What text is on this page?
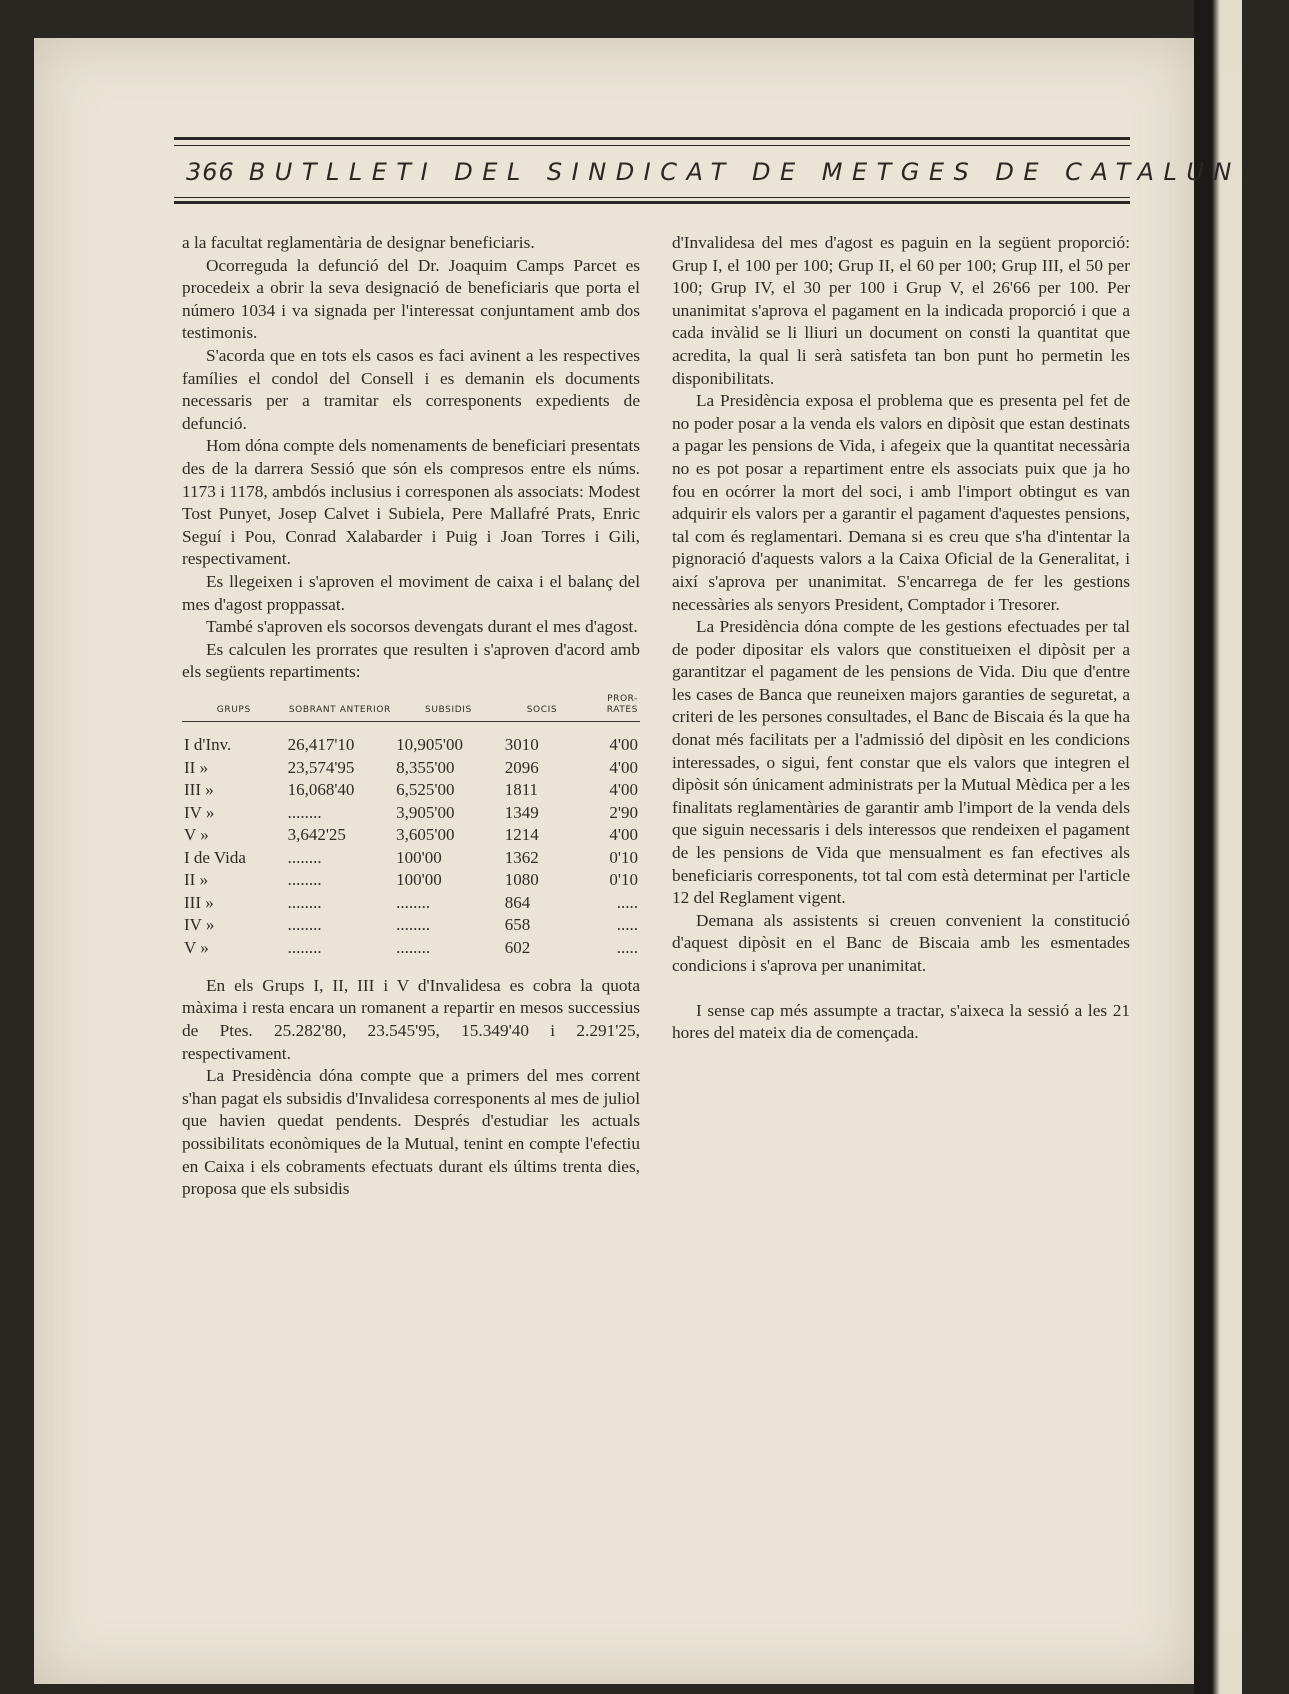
366 BUTLLETI DEL SINDICAT DE METGES DE CATALUNYA

a la facultat reglamentària de designar beneficiaris.

Ocorreguda la defunció del Dr. Joaquim Camps Parcet es procedeix a obrir la seva designació de beneficiaris que porta el número 1034 i va signada per l'interessat conjuntament amb dos testimonis.

S'acorda que en tots els casos es faci avinent a les respectives famílies el condol del Consell i es demanin els documents necessaris per a tramitar els corresponents expedients de defunció.

Hom dóna compte dels nomenaments de beneficiari presentats des de la darrera Sessió que són els compresos entre els núms. 1173 i 1178, ambdós inclusius i corresponen als associats: Modest Tost Punyet, Josep Calvet i Subiela, Pere Mallafré Prats, Enric Seguí i Pou, Conrad Xalabarder i Puig i Joan Torres i Gili, respectivament.

Es llegeixen i s'aproven el moviment de caixa i el balanç del mes d'agost proppassat.

També s'aproven els socorsos devengats durant el mes d'agost.

Es calculen les prorrates que resulten i s'aproven d'acord amb els següents repartiments:

GRUPS	SOBRANT ANTERIOR	SUBSIDIS	SOCIS	PROR-RATES
I d'Inv.	26,417'10	10,905'00	3010	4'00
II »	23,574'95	8,355'00	2096	4'00
III »	16,068'40	6,525'00	1811	4'00
IV »	........	3,905'00	1349	2'90
V »	3,642'25	3,605'00	1214	4'00
I de Vida	........	100'00	1362	0'10
II »	........	100'00	1080	0'10
III »	........	........	864	.....
IV »	........	........	658	.....
V »	........	........	602	.....

En els Grups I, II, III i V d'Invalidesa es cobra la quota màxima i resta encara un romanent a repartir en mesos successius de Ptes. 25.282'80, 23.545'95, 15.349'40 i 2.291'25, respectivament.

La Presidència dóna compte que a primers del mes corrent s'han pagat els subsidis d'Invalidesa corresponents al mes de juliol que havien quedat pendents. Després d'estudiar les actuals possibilitats econòmiques de la Mutual, tenint en compte l'efectiu en Caixa i els cobraments efectuats durant els últims trenta dies, proposa que els subsidis

d'Invalidesa del mes d'agost es paguin en la següent proporció: Grup I, el 100 per 100; Grup II, el 60 per 100; Grup III, el 50 per 100; Grup IV, el 30 per 100 i Grup V, el 26'66 per 100. Per unanimitat s'aprova el pagament en la indicada proporció i que a cada invàlid se li lliuri un document on consti la quantitat que acredita, la qual li serà satisfeta tan bon punt ho permetin les disponibilitats.

La Presidència exposa el problema que es presenta pel fet de no poder posar a la venda els valors en dipòsit que estan destinats a pagar les pensions de Vida, i afegeix que la quantitat necessària no es pot posar a repartiment entre els associats puix que ja ho fou en ocórrer la mort del soci, i amb l'import obtingut es van adquirir els valors per a garantir el pagament d'aquestes pensions, tal com és reglamentari. Demana si es creu que s'ha d'intentar la pignoració d'aquests valors a la Caixa Oficial de la Generalitat, i així s'aprova per unanimitat. S'encarrega de fer les gestions necessàries als senyors President, Comptador i Tresorer.

La Presidència dóna compte de les gestions efectuades per tal de poder dipositar els valors que constitueixen el dipòsit per a garantitzar el pagament de les pensions de Vida. Diu que d'entre les cases de Banca que reuneixen majors garanties de seguretat, a criteri de les persones consultades, el Banc de Biscaia és la que ha donat més facilitats per a l'admissió del dipòsit en les condicions interessades, o sigui, fent constar que els valors que integren el dipòsit són únicament administrats per la Mutual Mèdica per a les finalitats reglamentàries de garantir amb l'import de la venda dels que siguin necessaris i dels interessos que rendeixen el pagament de les pensions de Vida que mensualment es fan efectives als beneficiaris corresponents, tot tal com està determinat per l'article 12 del Reglament vigent.

Demana als assistents si creuen convenient la constitució d'aquest dipòsit en el Banc de Biscaia amb les esmentades condicions i s'aprova per unanimitat.

I sense cap més assumpte a tractar, s'aixeca la sessió a les 21 hores del mateix dia de començada.
